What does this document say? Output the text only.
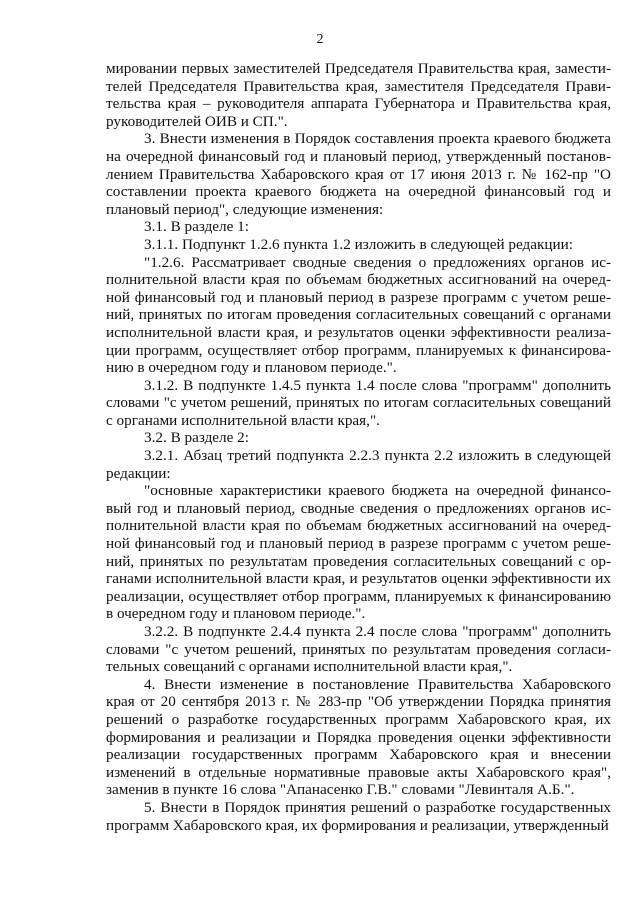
2

мировании первых заместителей Председателя Правительства края, заместителей Председателя Правительства края, заместителя Председателя Правительства края – руководителя аппарата Губернатора и Правительства края, руководителей ОИВ и СП.".

3. Внести изменения в Порядок составления проекта краевого бюджета на очередной финансовый год и плановый период, утвержденный постановлением Правительства Хабаровского края от 17 июня 2013 г. № 162-пр "О составлении проекта краевого бюджета на очередной финансовый год и плановый период", следующие изменения:

3.1. В разделе 1:

3.1.1. Подпункт 1.2.6 пункта 1.2 изложить в следующей редакции:

"1.2.6. Рассматривает сводные сведения о предложениях органов исполнительной власти края по объемам бюджетных ассигнований на очередной финансовый год и плановый период в разрезе программ с учетом решений, принятых по итогам проведения согласительных совещаний с органами исполнительной власти края, и результатов оценки эффективности реализации программ, осуществляет отбор программ, планируемых к финансированию в очередном году и плановом периоде.".

3.1.2. В подпункте 1.4.5 пункта 1.4 после слова "программ" дополнить словами "с учетом решений, принятых по итогам согласительных совещаний с органами исполнительной власти края,".

3.2. В разделе 2:

3.2.1. Абзац третий подпункта 2.2.3 пункта 2.2 изложить в следующей редакции:

"основные характеристики краевого бюджета на очередной финансовый год и плановый период, сводные сведения о предложениях органов исполнительной власти края по объемам бюджетных ассигнований на очередной финансовый год и плановый период в разрезе программ с учетом решений, принятых по результатам проведения согласительных совещаний с органами исполнительной власти края, и результатов оценки эффективности их реализации, осуществляет отбор программ, планируемых к финансированию в очередном году и плановом периоде.".

3.2.2. В подпункте 2.4.4 пункта 2.4 после слова "программ" дополнить словами "с учетом решений, принятых по результатам проведения согласительных совещаний с органами исполнительной власти края,".

4. Внести изменение в постановление Правительства Хабаровского края от 20 сентября 2013 г. № 283-пр "Об утверждении Порядка принятия решений о разработке государственных программ Хабаровского края, их формирования и реализации и Порядка проведения оценки эффективности реализации государственных программ Хабаровского края и внесении изменений в отдельные нормативные правовые акты Хабаровского края", заменив в пункте 16 слова "Апанасенко Г.В." словами "Левинталя А.Б.".

5. Внести в Порядок принятия решений о разработке государственных программ Хабаровского края, их формирования и реализации, утвержденный
